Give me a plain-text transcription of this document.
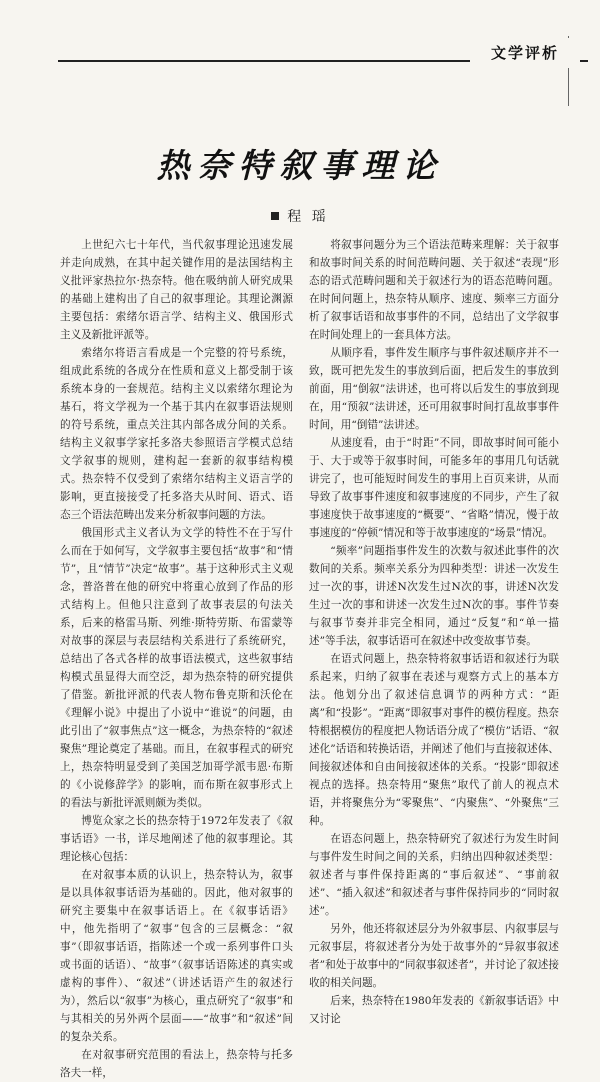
文学评析
热奈特叙事理论
程 瑶

上世纪六七十年代，当代叙事理论迅速发展并走向成熟，在其中起关键作用的是法国结构主义批评家热拉尔·热奈特。他在吸纳前人研究成果的基础上建构出了自己的叙事理论。其理论渊源主要包括：索绪尔语言学、结构主义、俄国形式主义及新批评派等。

索绪尔将语言看成是一个完整的符号系统，组成此系统的各成分在性质和意义上都受制于该系统本身的一套规范。结构主义以索绪尔理论为基石，将文学视为一个基于其内在叙事语法规则的符号系统，重点关注其内部各成分间的关系。结构主义叙事学家托多洛夫参照语言学模式总结文学叙事的规则，建构起一套新的叙事结构模式。热奈特不仅受到了索绪尔结构主义语言学的影响，更直接接受了托多洛夫从时间、语式、语态三个语法范畴出发来分析叙事问题的方法。

俄国形式主义者认为文学的特性不在于写什么而在于如何写，文学叙事主要包括“故事”和“情节”，且“情节”决定“故事”。基于这种形式主义观念，普洛普在他的研究中将重心放到了作品的形式结构上。但他只注意到了故事表层的句法关系，后来的格雷马斯、列维·斯特劳斯、布雷蒙等对故事的深层与表层结构关系进行了系统研究，总结出了各式各样的故事语法模式，这些叙事结构模式虽显得大而空泛，却为热奈特的研究提供了借鉴。新批评派的代表人物布鲁克斯和沃伦在《理解小说》中提出了小说中“谁说”的问题，由此引出了“叙事焦点”这一概念，为热奈特的“叙述聚焦”理论奠定了基础。而且，在叙事程式的研究上，热奈特明显受到了美国芝加哥学派韦恩·布斯的《小说修辞学》的影响，而布斯在叙事形式上的看法与新批评派则颇为类似。

博览众家之长的热奈特于1972年发表了《叙事话语》一书，详尽地阐述了他的叙事理论。其理论核心包括：

在对叙事本质的认识上，热奈特认为，叙事是以具体叙事话语为基础的。因此，他对叙事的研究主要集中在叙事话语上。在《叙事话语》中，他先指明了“叙事”包含的三层概念：“叙事”（即叙事话语，指陈述一个或一系列事件口头或书面的话语）、“故事”（叙事话语陈述的真实或虚构的事件）、“叙述”（讲述话语产生的叙述行为），然后以“叙事”为核心，重点研究了“叙事”和与其相关的另外两个层面——“故事”和“叙述”间的复杂关系。

在对叙事研究范围的看法上，热奈特与托多洛夫一样，

将叙事问题分为三个语法范畴来理解：关于叙事和故事时间关系的时间范畴问题、关于叙述“表现”形态的语式范畴问题和关于叙述行为的语态范畴问题。在时间问题上，热奈特从顺序、速度、频率三方面分析了叙事话语和故事事件的不同，总结出了文学叙事在时间处理上的一套具体方法。

从顺序看，事件发生顺序与事件叙述顺序并不一致，既可把先发生的事放到后面，把后发生的事放到前面，用“倒叙”法讲述，也可将以后发生的事放到现在，用“预叙”法讲述，还可用叙事时间打乱故事事件时间，用“倒错”法讲述。

从速度看，由于“时距”不同，即故事时间可能小于、大于或等于叙事时间，可能多年的事用几句话就讲完了，也可能短时间发生的事用上百页来讲，从而导致了故事事件速度和叙事速度的不同步，产生了叙事速度快于故事速度的“概要”、“省略”情况，慢于故事速度的“停顿”情况和等于故事速度的“场景”情况。

“频率”问题指事件发生的次数与叙述此事件的次数间的关系。频率关系分为四种类型：讲述一次发生过一次的事，讲述N次发生过N次的事，讲述N次发生过一次的事和讲述一次发生过N次的事。事件节奏与叙事节奏并非完全相同，通过“反复”和“单一描述”等手法，叙事话语可在叙述中改变故事节奏。

在语式问题上，热奈特将叙事话语和叙述行为联系起来，归纳了叙事在表述与观察方式上的基本方法。他划分出了叙述信息调节的两种方式：“距离”和“投影”。“距离”即叙事对事件的模仿程度。热奈特根据模仿的程度把人物话语分成了“模仿”话语、“叙述化”话语和转换话语，并阐述了他们与直接叙述体、间接叙述体和自由间接叙述体的关系。“投影”即叙述视点的选择。热奈特用“聚焦”取代了前人的视点术语，并将聚焦分为“零聚焦”、“内聚焦”、“外聚焦”三种。

在语态问题上，热奈特研究了叙述行为发生时间与事件发生时间之间的关系，归纳出四种叙述类型：叙述者与事件保持距离的“事后叙述”、“事前叙述”、“插入叙述”和叙述者与事件保持同步的“同时叙述”。

另外，他还将叙述层分为外叙事层、内叙事层与元叙事层，将叙述者分为处于故事外的“异叙事叙述者”和处于故事中的“同叙事叙述者”，并讨论了叙述接收的相关问题。

后来，热奈特在1980年发表的《新叙事话语》中又讨论
